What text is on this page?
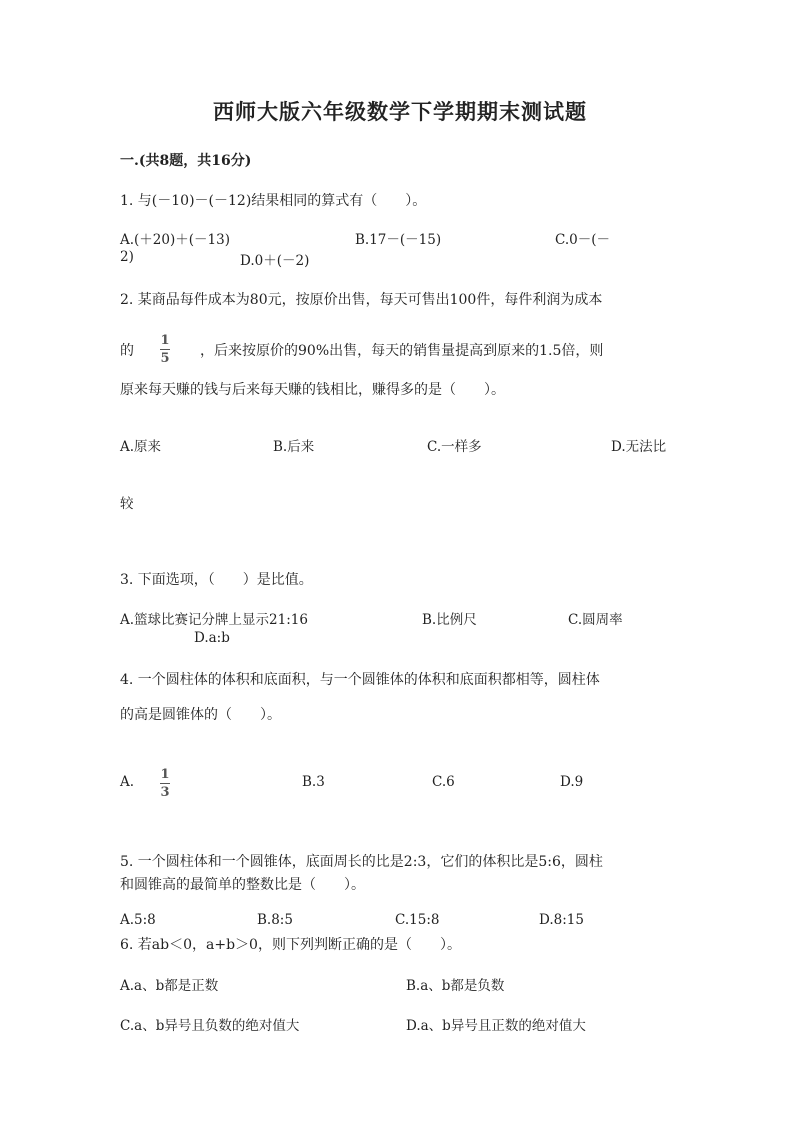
西师大版六年级数学下学期期末测试题
一.(共8题，共16分)
1. 与(－10)－(－12)结果相同的算式有（　　）。
A.(＋20)＋(－13)	B.17－(－15)	C.0－(－
2)	D.0＋(－2)
2. 某商品每件成本为80元，按原价出售，每天可售出100件，每件利润为成本
的
1
5 ，后来按原价的90%出售，每天的销售量提高到原来的1.5倍，则
原来每天赚的钱与后来每天赚的钱相比，赚得多的是（　　）。
A.原来	B.后来	C.一样多	D.无法比
较
3. 下面选项，（　　）是比值。
A.篮球比赛记分牌上显示21:16	B.比例尺	C.圆周率
D.a:b
4. 一个圆柱体的体积和底面积，与一个圆锥体的体积和底面积都相等，圆柱体
的高是圆锥体的（　　）。
A. 1
3
B.3	C.6	D.9
5. 一个圆柱体和一个圆锥体，底面周长的比是2:3，它们的体积比是5:6，圆柱
和圆锥高的最简单的整数比是（　　）。
A.5:8	B.8:5	C.15:8	D.8:15
6. 若ab＜0，a+b＞0，则下列判断正确的是（　　）。
A.a、b都是正数	B.a、b都是负数
C.a、b异号且负数的绝对值大	D.a、b异号且正数的绝对值大
